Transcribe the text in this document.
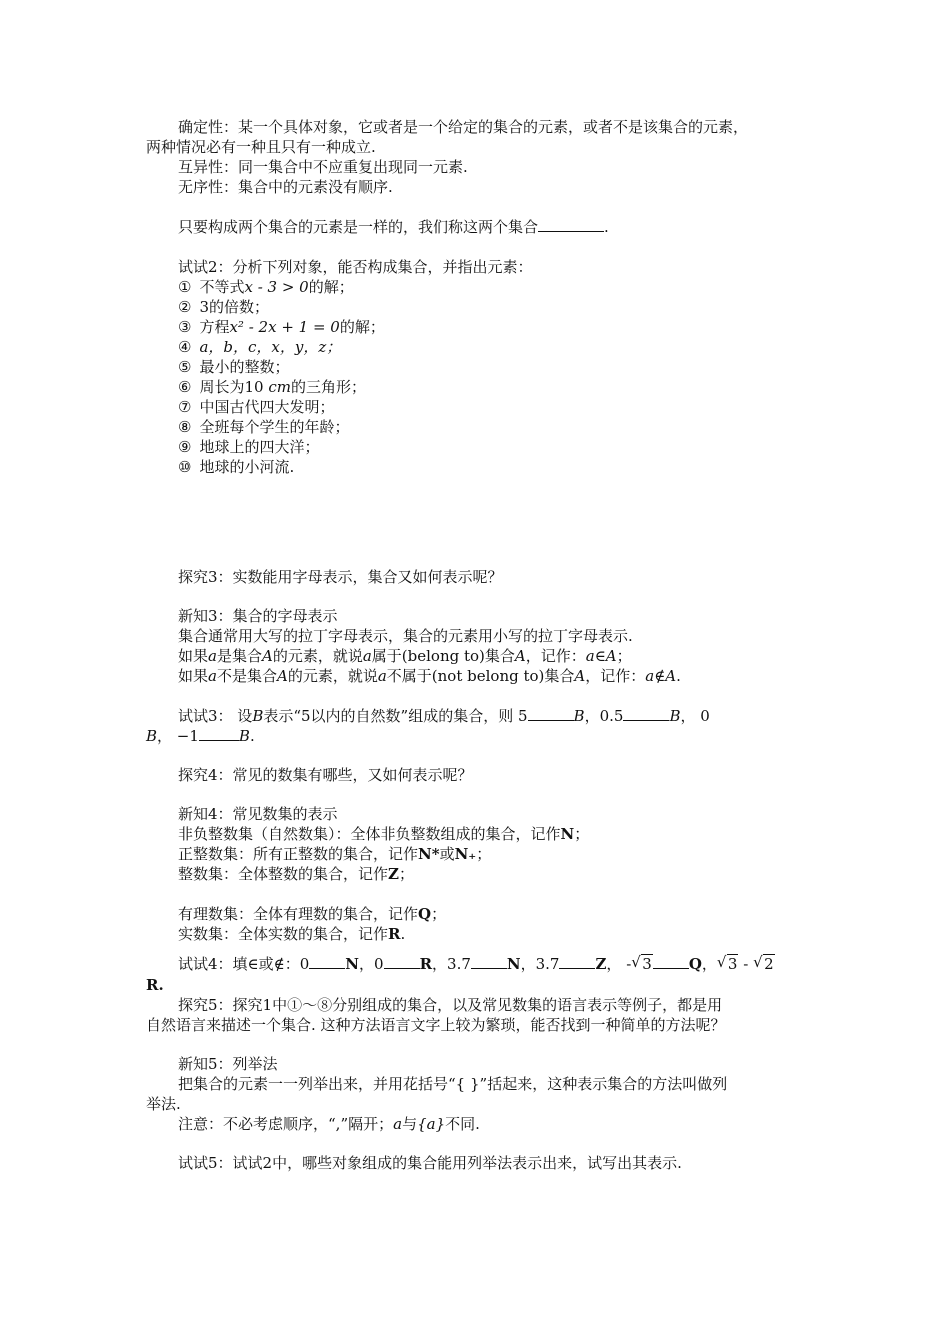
确定性：某一个具体对象，它或者是一个给定的集合的元素，或者不是该集合的元素，
两种情况必有一种且只有一种成立.
互异性：同一集合中不应重复出现同一元素.
无序性：集合中的元素没有顺序.
只要构成两个集合的元素是一样的，我们称这两个集合	.
试试2：分析下列对象，能否构成集合，并指出元素：
① 不等式x - 3 > 0的解；
② 3的倍数；
③ 方程x² - 2x + 1 = 0的解；
④ a，b，c，x，y，z；
⑤ 最小的整数；
⑥ 周长为10 cm的三角形；
⑦ 中国古代四大发明；
⑧ 全班每个学生的年龄；
⑨ 地球上的四大洋；
⑩ 地球的小河流.
探究3：实数能用字母表示，集合又如何表示呢？
新知3：集合的字母表示
集合通常用大写的拉丁字母表示，集合的元素用小写的拉丁字母表示.
如果a是集合A的元素，就说a属于(belong to)集合A，记作：a∈A；
如果a不是集合A的元素，就说a不属于(not belong to)集合A，记作：a∉A.
试试3： 设B表示“5以内的自然数”组成的集合，则 5	B，0.5	B， 0
B， −1	B.
探究4：常见的数集有哪些，又如何表示呢？
新知4：常见数集的表示
非负整数集（自然数集）：全体非负整数组成的集合，记作N；
正整数集：所有正整数的集合，记作N*或N₊；
整数集：全体整数的集合，记作Z；
有理数集：全体有理数的集合，记作Q；
实数集：全体实数的集合，记作R.
试试4：填∈或∉：0 N，0 R，3.7 N，3.7 Z， - √ 3 Q， √ 3 - √ 2
R.
探究5：探究1中①～⑧分别组成的集合，以及常见数集的语言表示等例子，都是用
自然语言来描述一个集合. 这种方法语言文字上较为繁琐，能否找到一种简单的方法呢？
新知5：列举法
把集合的元素一一列举出来，并用花括号“{ }”括起来，这种表示集合的方法叫做列
举法.
注意：不必考虑顺序，“,”隔开；a与{a}不同.
试试5：试试2中，哪些对象组成的集合能用列举法表示出来，试写出其表示.
